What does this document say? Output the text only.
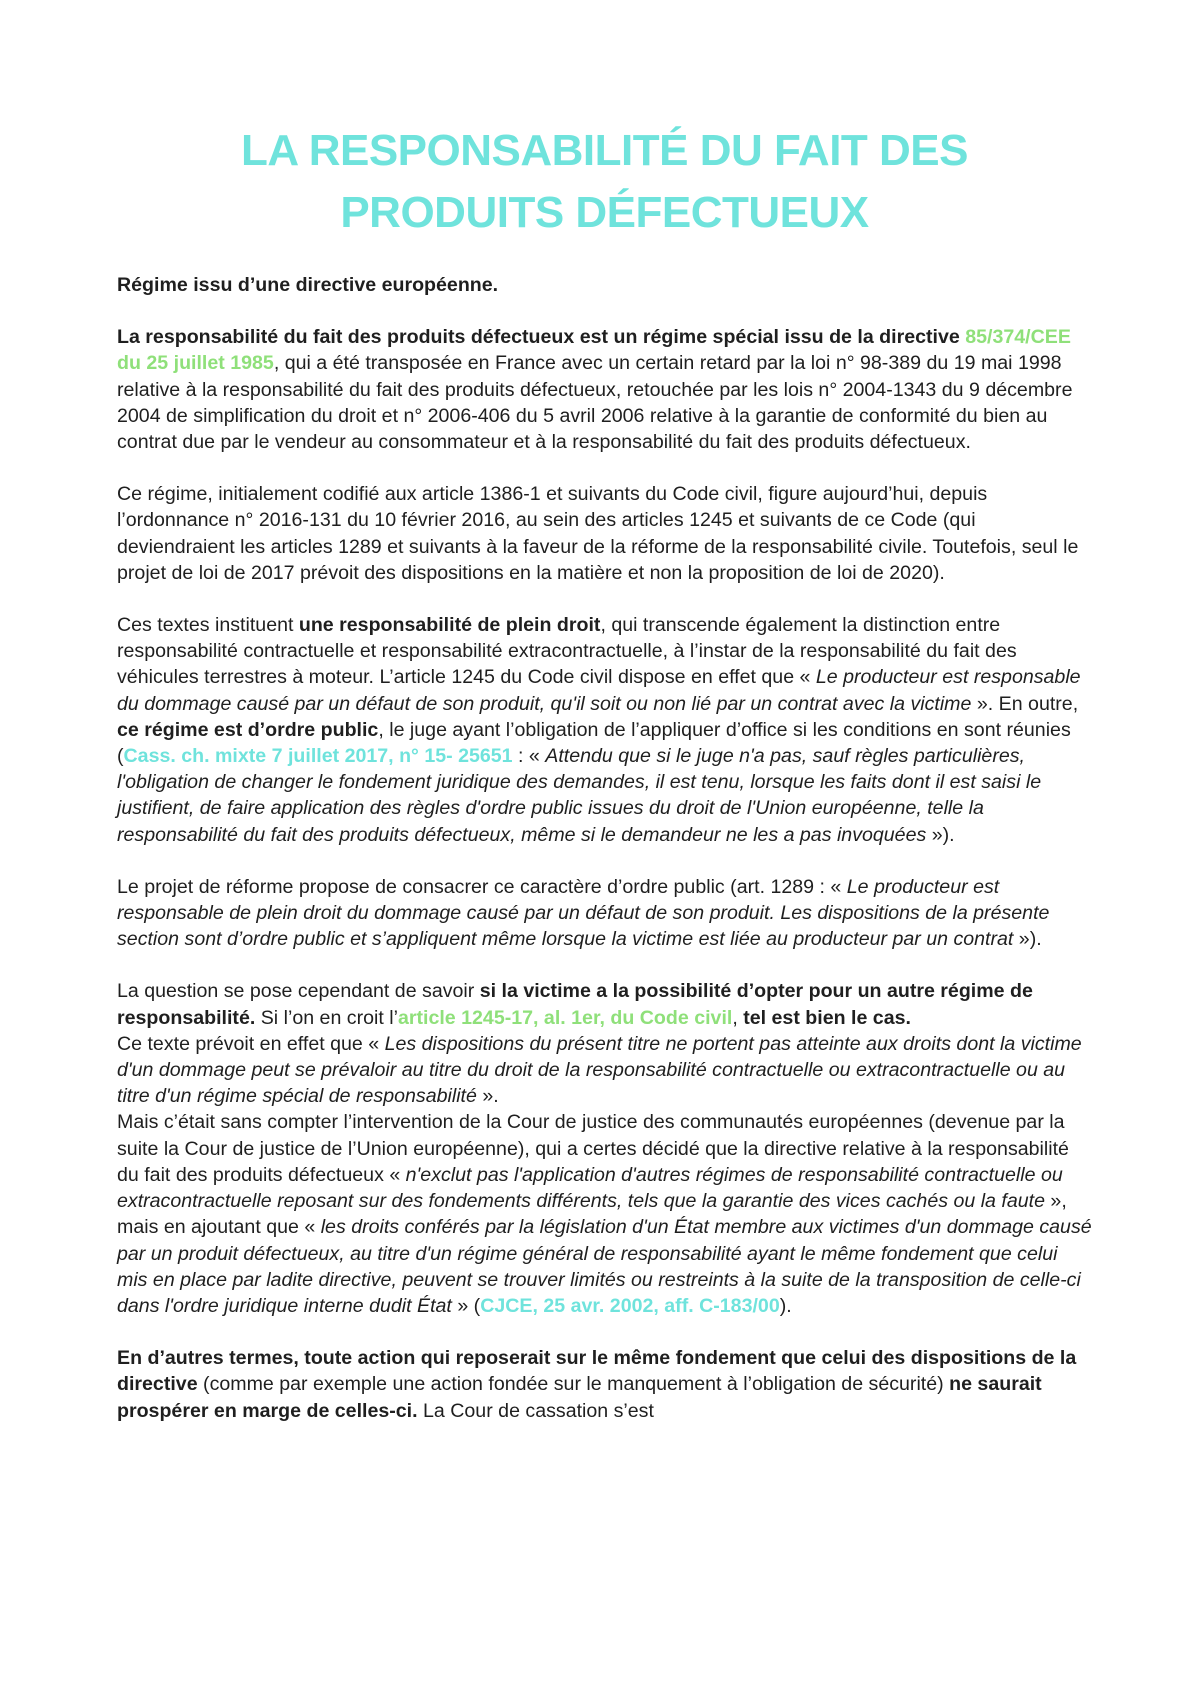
LA RESPONSABILITÉ DU FAIT DES
PRODUITS DÉFECTUEUX

Régime issu d’une directive européenne.

La responsabilité du fait des produits défectueux est un régime spécial issu de la directive 85/374/CEE du 25 juillet 1985, qui a été transposée en France avec un certain retard par la loi n° 98-389 du 19 mai 1998 relative à la responsabilité du fait des produits défectueux, retouchée par les lois n° 2004-1343 du 9 décembre 2004 de simplification du droit et n° 2006-406 du 5 avril 2006 relative à la garantie de conformité du bien au contrat due par le vendeur au consommateur et à la responsabilité du fait des produits défectueux.

Ce régime, initialement codifié aux article 1386-1 et suivants du Code civil, figure aujourd’hui, depuis l’ordonnance n° 2016-131 du 10 février 2016, au sein des articles 1245 et suivants de ce Code (qui deviendraient les articles 1289 et suivants à la faveur de la réforme de la responsabilité civile. Toutefois, seul le projet de loi de 2017 prévoit des dispositions en la matière et non la proposition de loi de 2020).

Ces textes instituent une responsabilité de plein droit, qui transcende également la distinction entre responsabilité contractuelle et responsabilité extracontractuelle, à l’instar de la responsabilité du fait des véhicules terrestres à moteur. L’article 1245 du Code civil dispose en effet que « Le producteur est responsable du dommage causé par un défaut de son produit, qu'il soit ou non lié par un contrat avec la victime ». En outre, ce régime est d’ordre public, le juge ayant l’obligation de l’appliquer d’office si les conditions en sont réunies (Cass. ch. mixte 7 juillet 2017, n° 15- 25651 : « Attendu que si le juge n'a pas, sauf règles particulières, l'obligation de changer le fondement juridique des demandes, il est tenu, lorsque les faits dont il est saisi le justifient, de faire application des règles d'ordre public issues du droit de l'Union européenne, telle la responsabilité du fait des produits défectueux, même si le demandeur ne les a pas invoquées »).

Le projet de réforme propose de consacrer ce caractère d’ordre public (art. 1289 : « Le producteur est responsable de plein droit du dommage causé par un défaut de son produit. Les dispositions de la présente section sont d’ordre public et s’appliquent même lorsque la victime est liée au producteur par un contrat »).

La question se pose cependant de savoir si la victime a la possibilité d’opter pour un autre régime de responsabilité. Si l’on en croit l’article 1245-17, al. 1er, du Code civil, tel est bien le cas.

Ce texte prévoit en effet que « Les dispositions du présent titre ne portent pas atteinte aux droits dont la victime d'un dommage peut se prévaloir au titre du droit de la responsabilité contractuelle ou extracontractuelle ou au titre d'un régime spécial de responsabilité ».

Mais c’était sans compter l’intervention de la Cour de justice des communautés européennes (devenue par la suite la Cour de justice de l’Union européenne), qui a certes décidé que la directive relative à la responsabilité du fait des produits défectueux « n'exclut pas l'application d'autres régimes de responsabilité contractuelle ou extracontractuelle reposant sur des fondements différents, tels que la garantie des vices cachés ou la faute », mais en ajoutant que « les droits conférés par la législation d'un État membre aux victimes d'un dommage causé par un produit défectueux, au titre d'un régime général de responsabilité ayant le même fondement que celui mis en place par ladite directive, peuvent se trouver limités ou restreints à la suite de la transposition de celle-ci dans l'ordre juridique interne dudit État » (CJCE, 25 avr. 2002, aff. C-183/00).

En d’autres termes, toute action qui reposerait sur le même fondement que celui des dispositions de la directive (comme par exemple une action fondée sur le manquement à l’obligation de sécurité) ne saurait prospérer en marge de celles-ci. La Cour de cassation s’est
